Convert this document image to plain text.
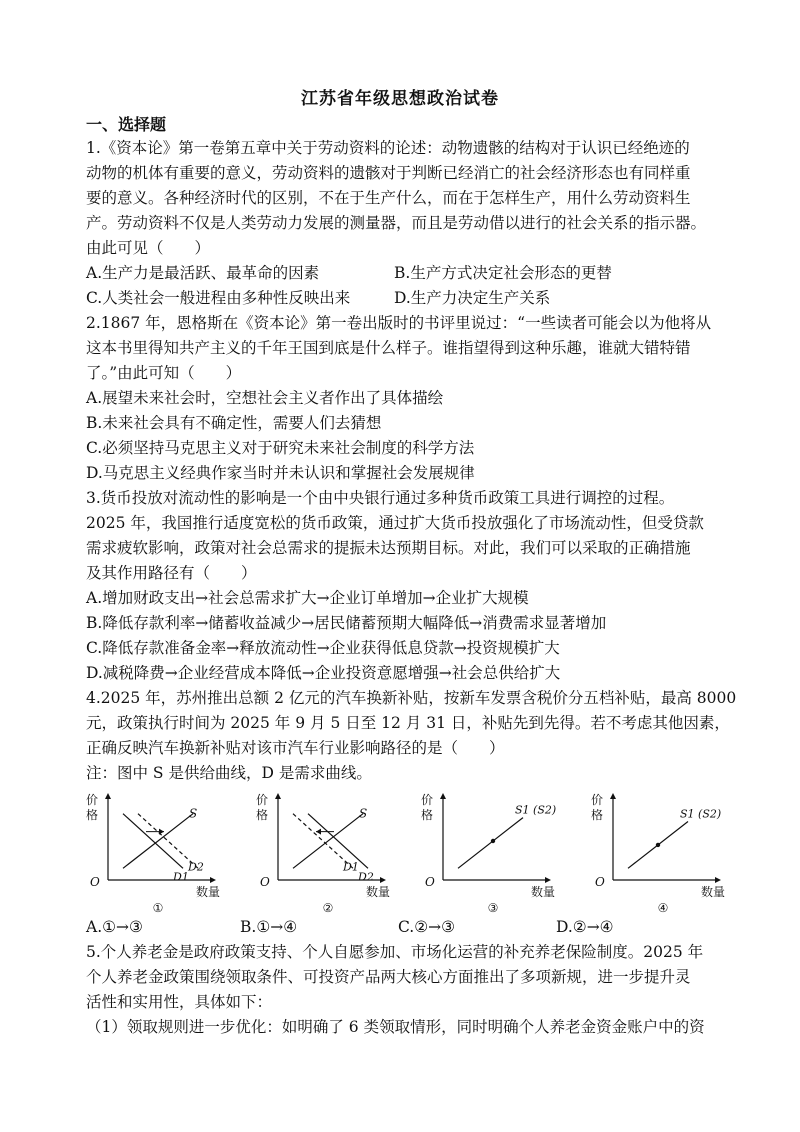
江苏省年级思想政治试卷
一、选择题
1.《资本论》第一卷第五章中关于劳动资料的论述：动物遗骸的结构对于认识已经绝迹的
动物的机体有重要的意义，劳动资料的遗骸对于判断已经消亡的社会经济形态也有同样重
要的意义。各种经济时代的区别，不在于生产什么，而在于怎样生产，用什么劳动资料生
产。劳动资料不仅是人类劳动力发展的测量器，而且是劳动借以进行的社会关系的指示器。
由此可见（　　）
A.生产力是最活跃、最革命的因素	B.生产方式决定社会形态的更替
C.人类社会一般进程由多种性反映出来	D.生产力决定生产关系
2.1867 年，恩格斯在《资本论》第一卷出版时的书评里说过：“一些读者可能会以为他将从
这本书里得知共产主义的千年王国到底是什么样子。谁指望得到这种乐趣，谁就大错特错
了。”由此可知（　　）
A.展望未来社会时，空想社会主义者作出了具体描绘
B.未来社会具有不确定性，需要人们去猜想
C.必须坚持马克思主义对于研究未来社会制度的科学方法
D.马克思主义经典作家当时并未认识和掌握社会发展规律
3.货币投放对流动性的影响是一个由中央银行通过多种货币政策工具进行调控的过程。
2025 年，我国推行适度宽松的货币政策，通过扩大货币投放强化了市场流动性，但受贷款
需求疲软影响，政策对社会总需求的提振未达预期目标。对此，我们可以采取的正确措施
及其作用路径有（　　）
A.增加财政支出→社会总需求扩大→企业订单增加→企业扩大规模
B.降低存款利率→储蓄收益减少→居民储蓄预期大幅降低→消费需求显著增加
C.降低存款准备金率→释放流动性→企业获得低息贷款→投资规模扩大
D.减税降费→企业经营成本降低→企业投资意愿增强→社会总供给扩大
4.2025 年，苏州推出总额 2 亿元的汽车换新补贴，按新车发票含税价分五档补贴，最高 8000
元，政策执行时间为 2025 年 9 月 5 日至 12 月 31 日，补贴先到先得。若不考虑其他因素，
正确反映汽车换新补贴对该市汽车行业影响路径的是（　　）
注：图中 S 是供给曲线，D 是需求曲线。
价
格
O
数量
S
D1
D2
①
价
格
O
数量
S
D2
D1
②
价
格
O
数量
S1 (S2)
③
价
格
O
数量
S1 (S2)
④
A.①→③	B.①→④	C.②→③	D.②→④
5.个人养老金是政府政策支持、个人自愿参加、市场化运营的补充养老保险制度。2025 年
个人养老金政策围绕领取条件、可投资产品两大核心方面推出了多项新规，进一步提升灵
活性和实用性，具体如下：
（1）领取规则进一步优化：如明确了 6 类领取情形，同时明确个人养老金资金账户中的资
